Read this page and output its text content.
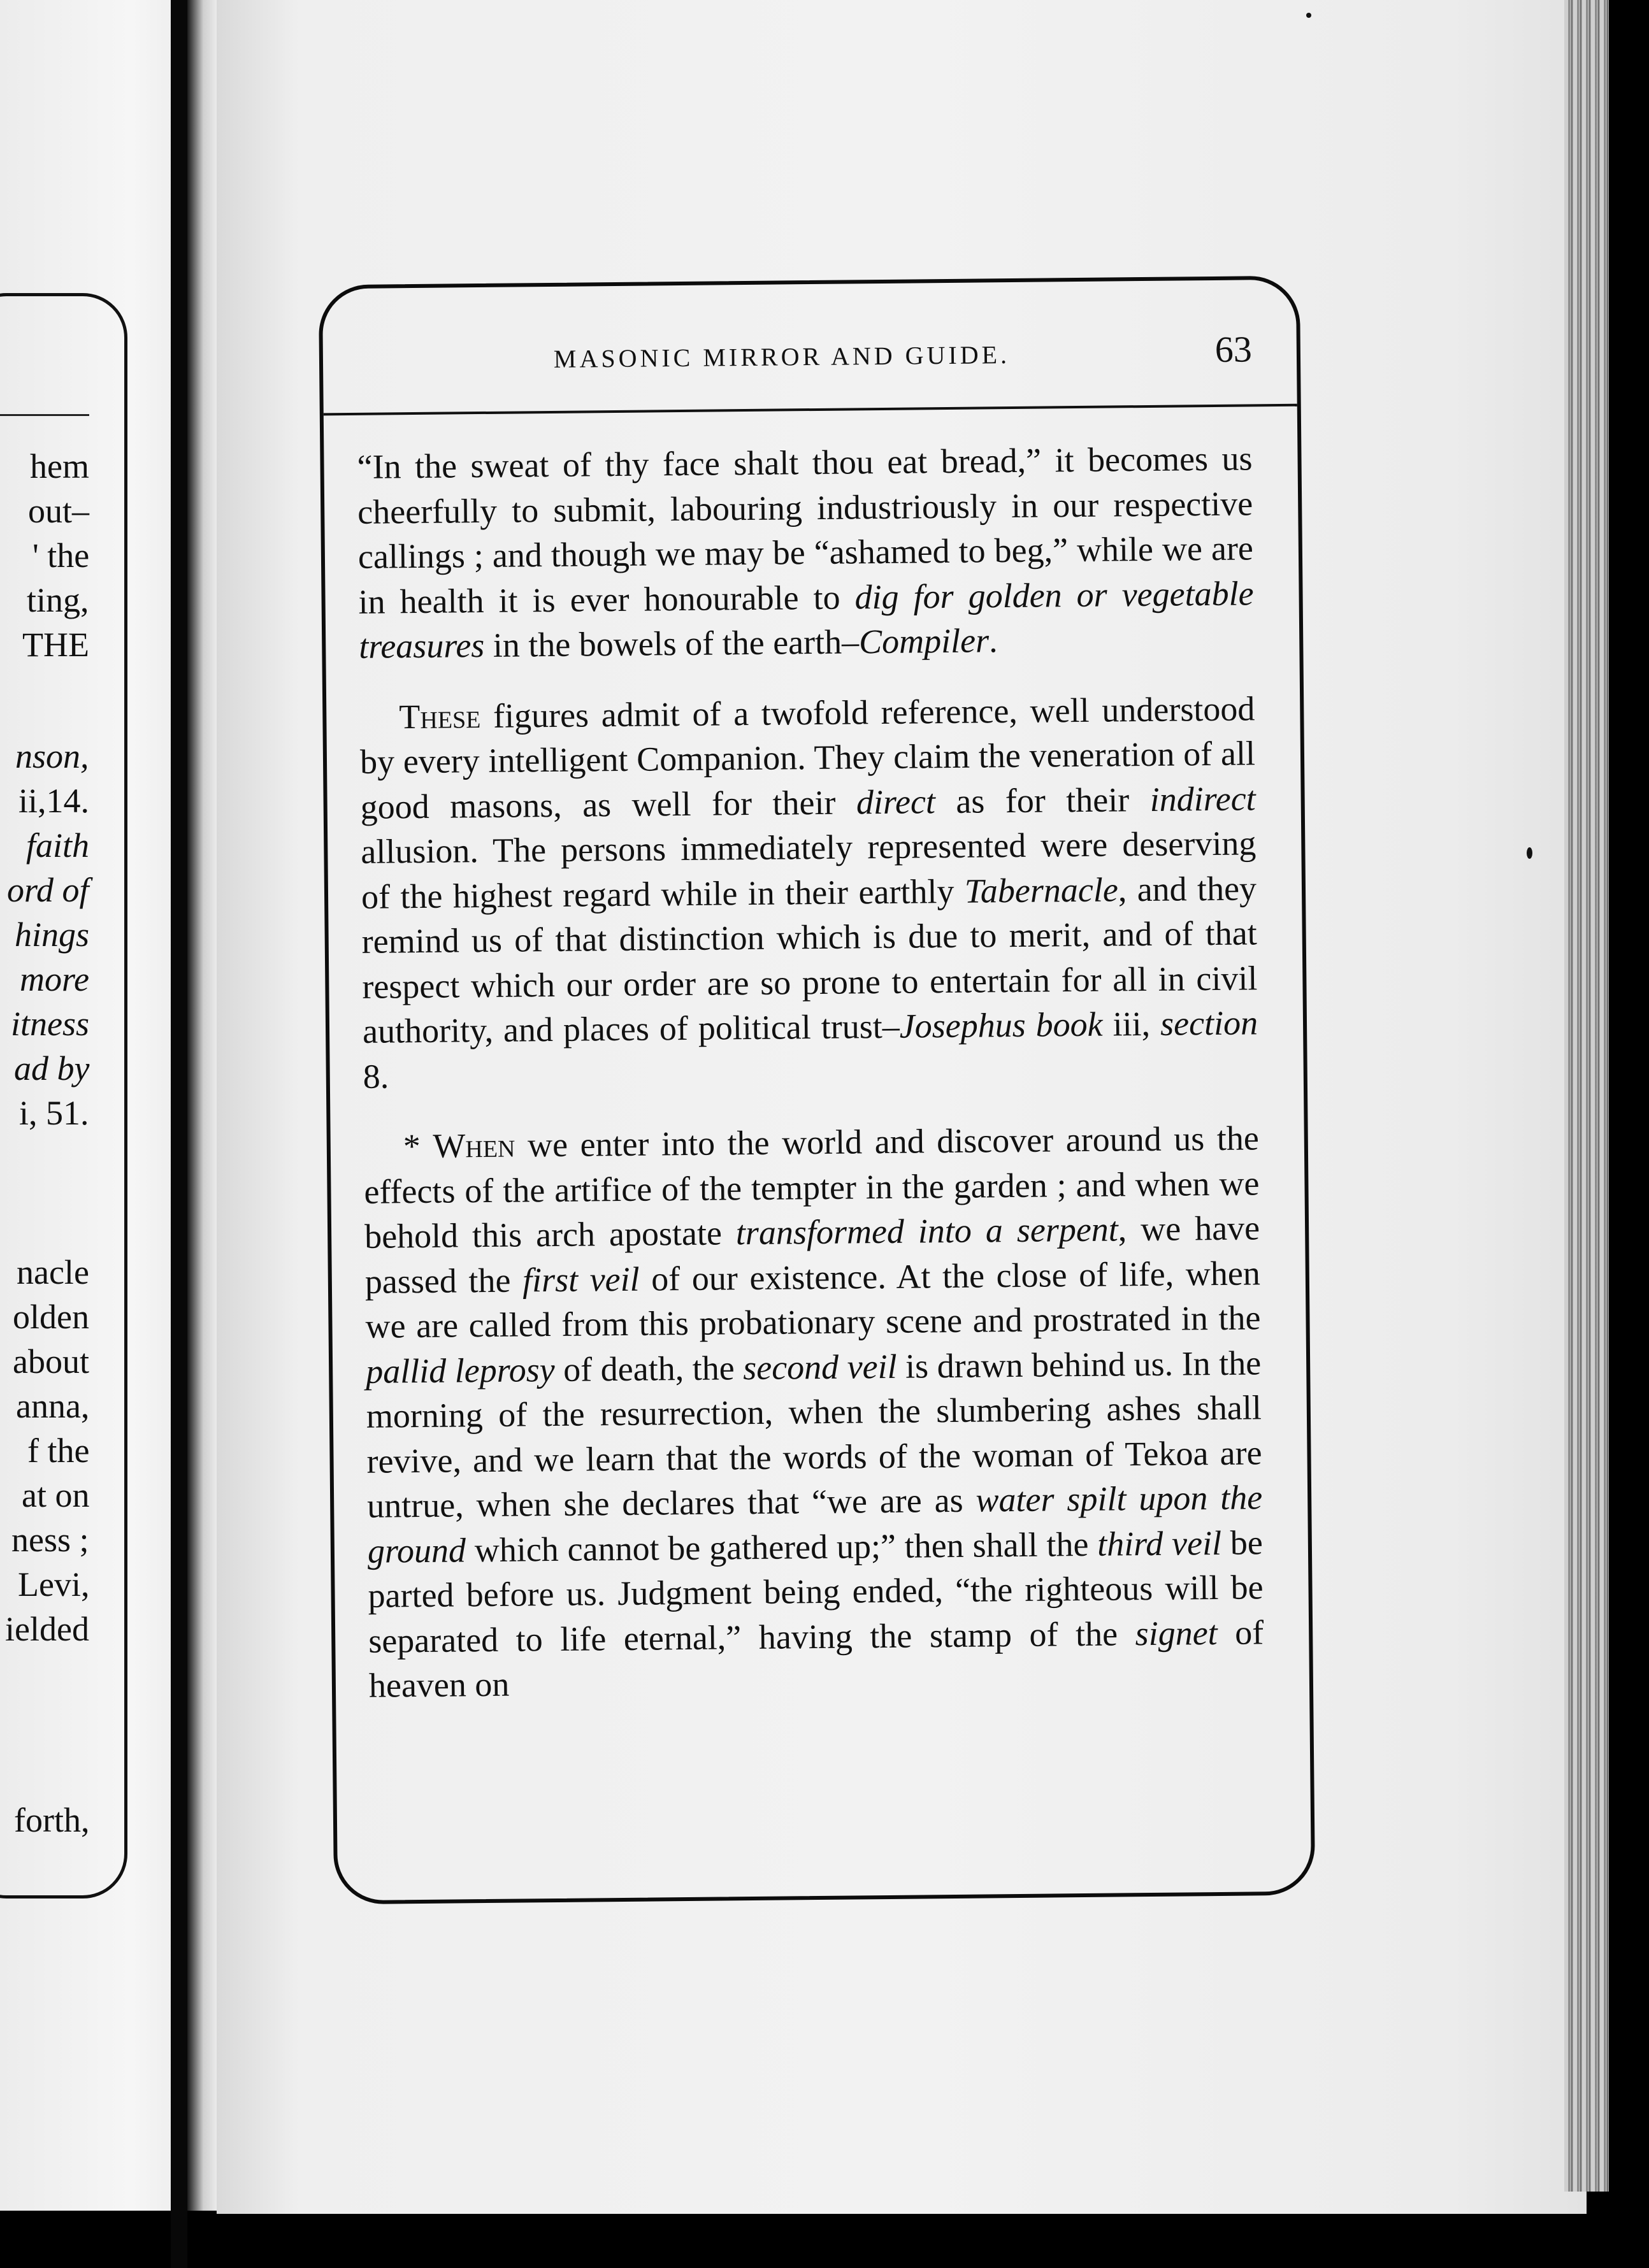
hem
out–
' the
ting,
THE
nson,
ii,14.
faith
ord of
hings
more
itness
ad by
i, 51.
nacle
olden
about
anna,
f the
at on
ness ;
Levi,
ielded
forth,
MASONIC MIRROR AND GUIDE.	63

“In the sweat of thy face shalt thou eat bread,” it becomes us cheerfully to submit, labouring industriously in our respective callings ; and though we may be “ashamed to beg,” while we are in health it is ever honourable to dig for golden or vegetable treasures in the bowels of the earth–Compiler.

These figures admit of a twofold reference, well understood by every intelligent Companion. They claim the veneration of all good masons, as well for their direct as for their indirect allusion. The persons immediately represented were deserving of the highest regard while in their earthly Tabernacle, and they remind us of that distinction which is due to merit, and of that respect which our order are so prone to entertain for all in civil authority, and places of political trust–Josephus book iii, section 8.

* When we enter into the world and discover around us the effects of the artifice of the tempter in the garden ; and when we behold this arch apostate transformed into a serpent, we have passed the first veil of our existence. At the close of life, when we are called from this probationary scene and prostrated in the pallid leprosy of death, the second veil is drawn behind us. In the morning of the resurrection, when the slumbering ashes shall revive, and we learn that the words of the woman of Tekoa are untrue, when she declares that “we are as water spilt upon the ground which cannot be gathered up;” then shall the third veil be parted before us. Judgment being ended, “the righteous will be separated to life eternal,” having the stamp of the signet of heaven on
